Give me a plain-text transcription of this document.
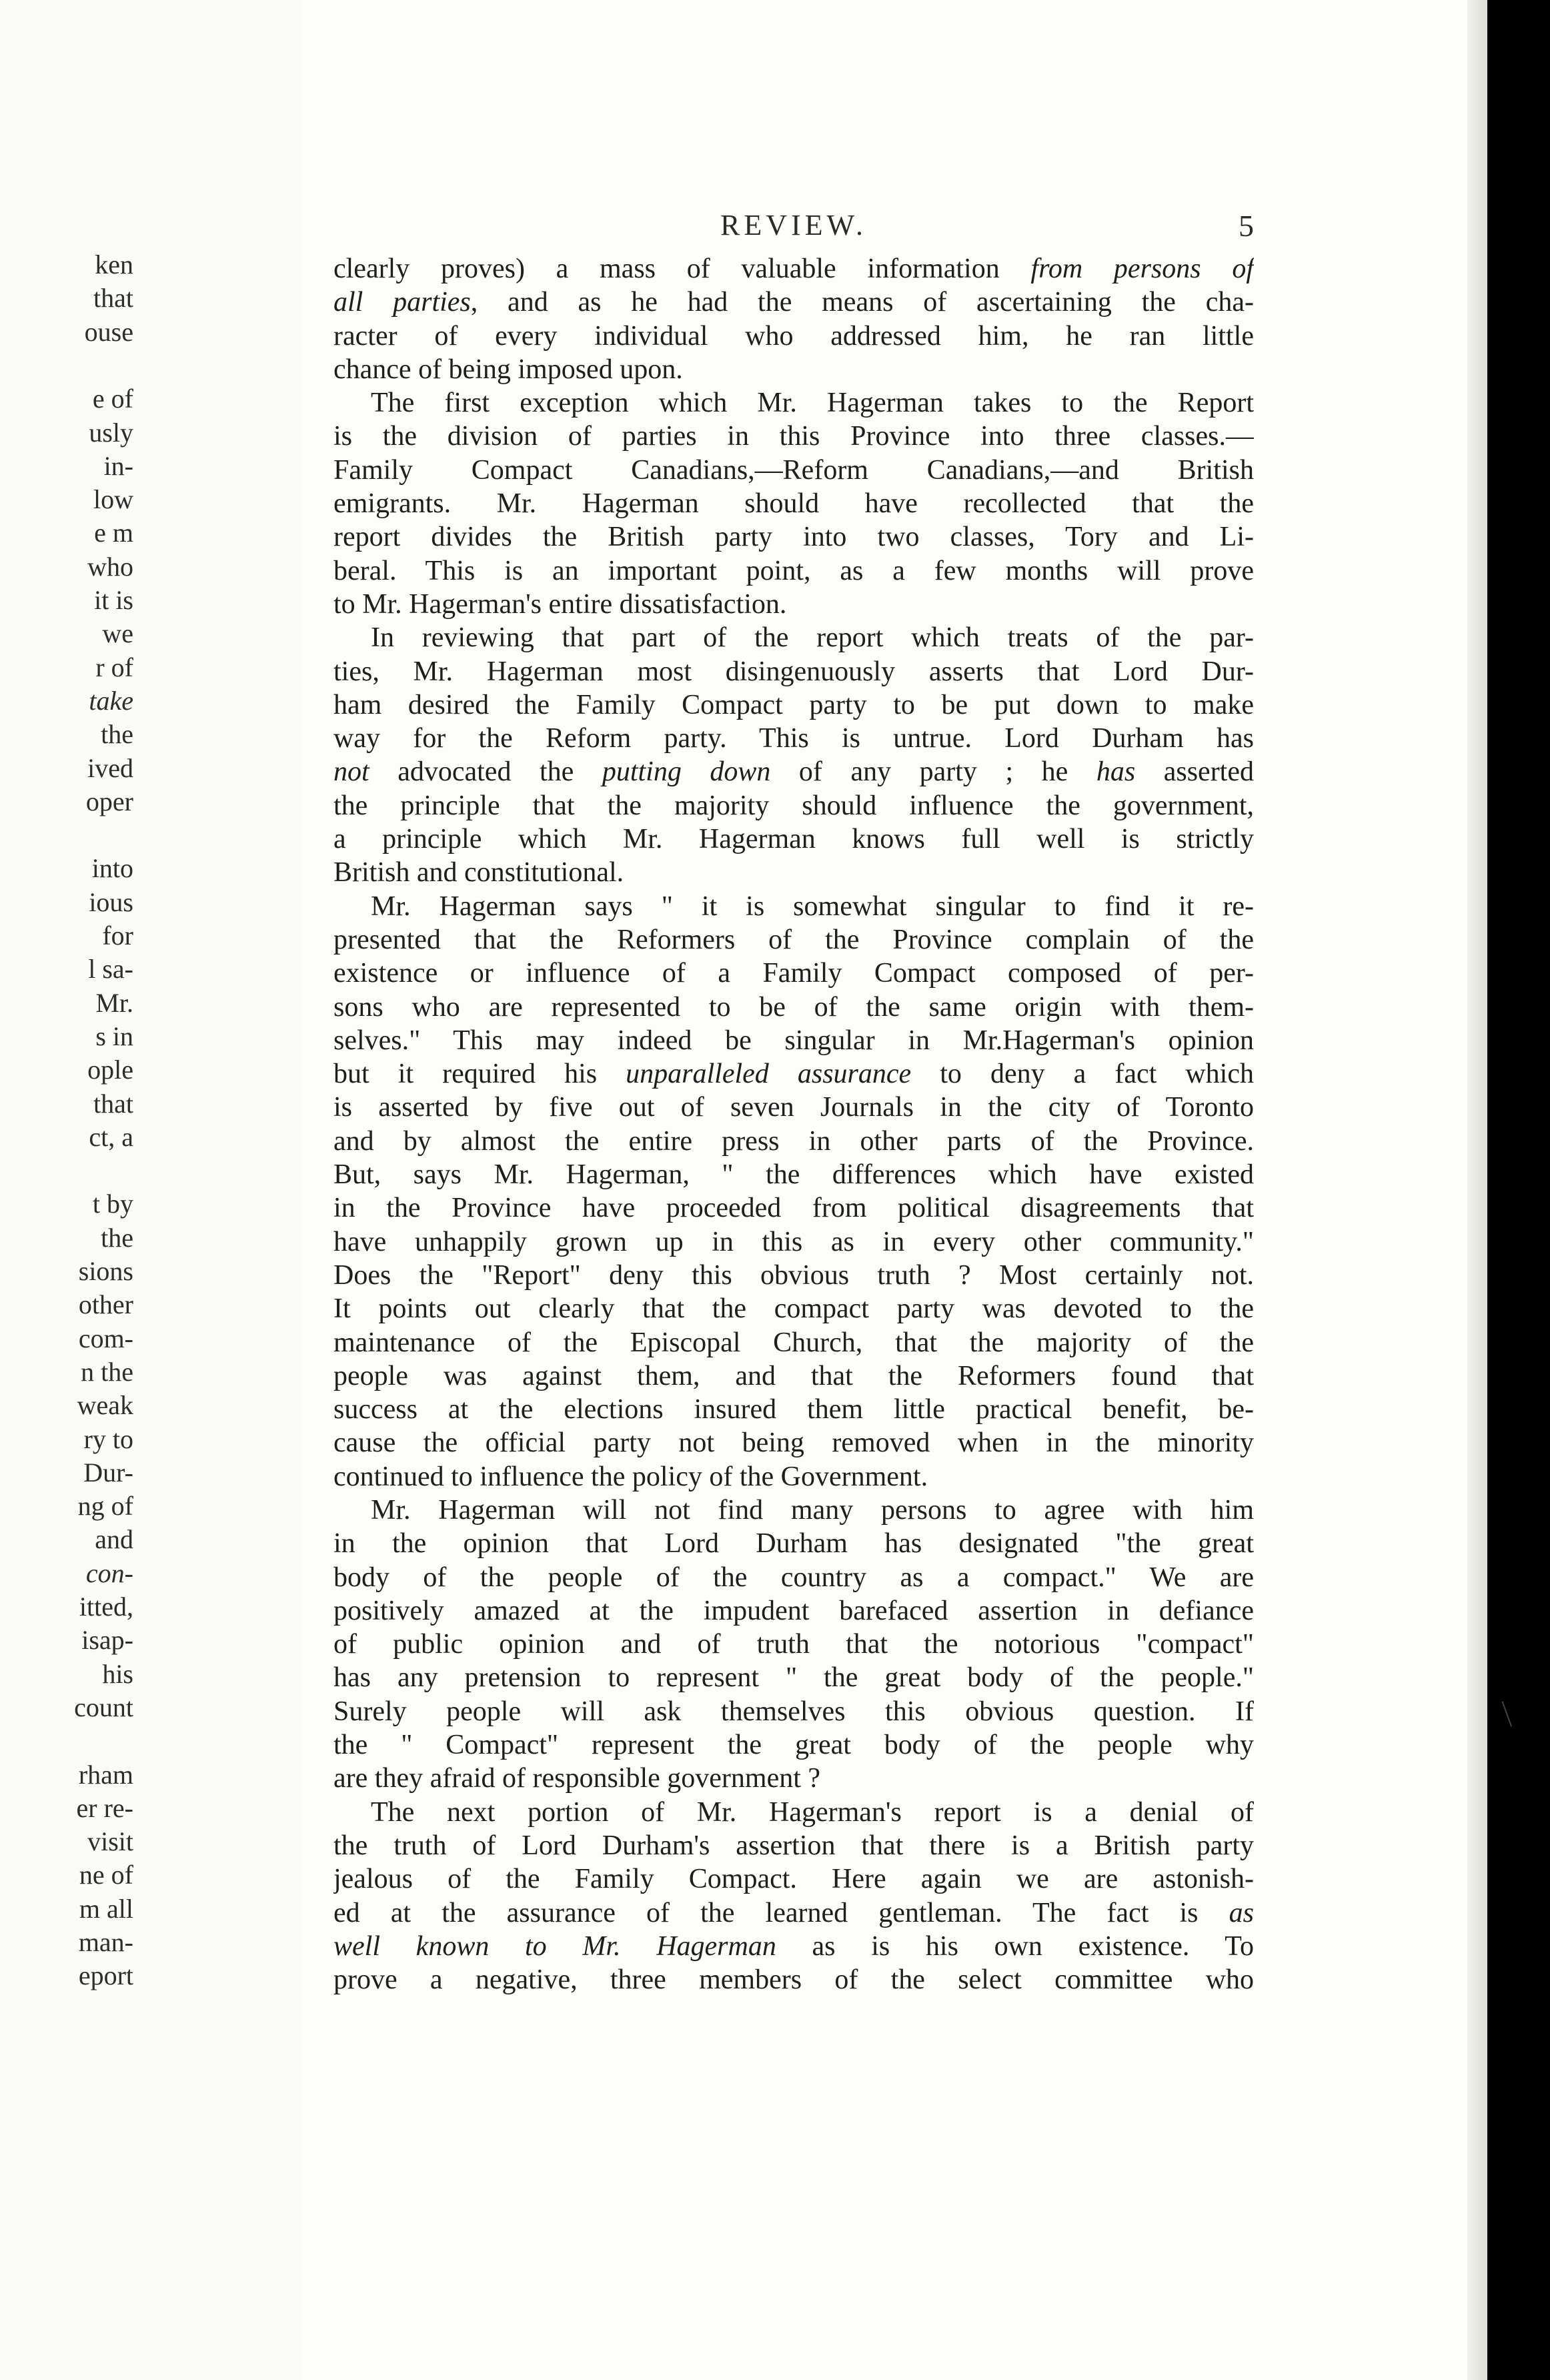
ken
that
ouse
e of
usly
in-
low
e m
who
it is
we
r of
take
the
ived
oper
into
ious
for
l sa-
Mr.
s in
ople
that
ct, a
t by
the
sions
other
com-
n the
weak
ry to
Dur-
ng of
and
con-
itted,
isap-
his
count
rham
er re-
visit
ne of
m all
man-
eport
REVIEW.	5
clearly proves) a mass of valuable information from persons of
all parties, and as he had the means of ascertaining the cha-
racter of every individual who addressed him, he ran little
chance of being imposed upon.
The first exception which Mr. Hagerman takes to the Report
is the division of parties in this Province into three classes.—
Family Compact Canadians,—Reform Canadians,—and British
emigrants. Mr. Hagerman should have recollected that the
report divides the British party into two classes, Tory and Li-
beral. This is an important point, as a few months will prove
to Mr. Hagerman's entire dissatisfaction.
In reviewing that part of the report which treats of the par-
ties, Mr. Hagerman most disingenuously asserts that Lord Dur-
ham desired the Family Compact party to be put down to make
way for the Reform party. This is untrue. Lord Durham has
not advocated the putting down of any party ; he has asserted
the principle that the majority should influence the government,
a principle which Mr. Hagerman knows full well is strictly
British and constitutional.
Mr. Hagerman says " it is somewhat singular to find it re-
presented that the Reformers of the Province complain of the
existence or influence of a Family Compact composed of per-
sons who are represented to be of the same origin with them-
selves." This may indeed be singular in Mr.Hagerman's opinion
but it required his unparalleled assurance to deny a fact which
is asserted by five out of seven Journals in the city of Toronto
and by almost the entire press in other parts of the Province.
But, says Mr. Hagerman, " the differences which have existed
in the Province have proceeded from political disagreements that
have unhappily grown up in this as in every other community."
Does the "Report" deny this obvious truth ? Most certainly not.
It points out clearly that the compact party was devoted to the
maintenance of the Episcopal Church, that the majority of the
people was against them, and that the Reformers found that
success at the elections insured them little practical benefit, be-
cause the official party not being removed when in the minority
continued to influence the policy of the Government.
Mr. Hagerman will not find many persons to agree with him
in the opinion that Lord Durham has designated "the great
body of the people of the country as a compact." We are
positively amazed at the impudent barefaced assertion in defiance
of public opinion and of truth that the notorious "compact"
has any pretension to represent " the great body of the people."
Surely people will ask themselves this obvious question. If
the " Compact" represent the great body of the people why
are they afraid of responsible government ?
The next portion of Mr. Hagerman's report is a denial of
the truth of Lord Durham's assertion that there is a British party
jealous of the Family Compact. Here again we are astonish-
ed at the assurance of the learned gentleman. The fact is as
well known to Mr. Hagerman as is his own existence. To
prove a negative, three members of the select committee who
